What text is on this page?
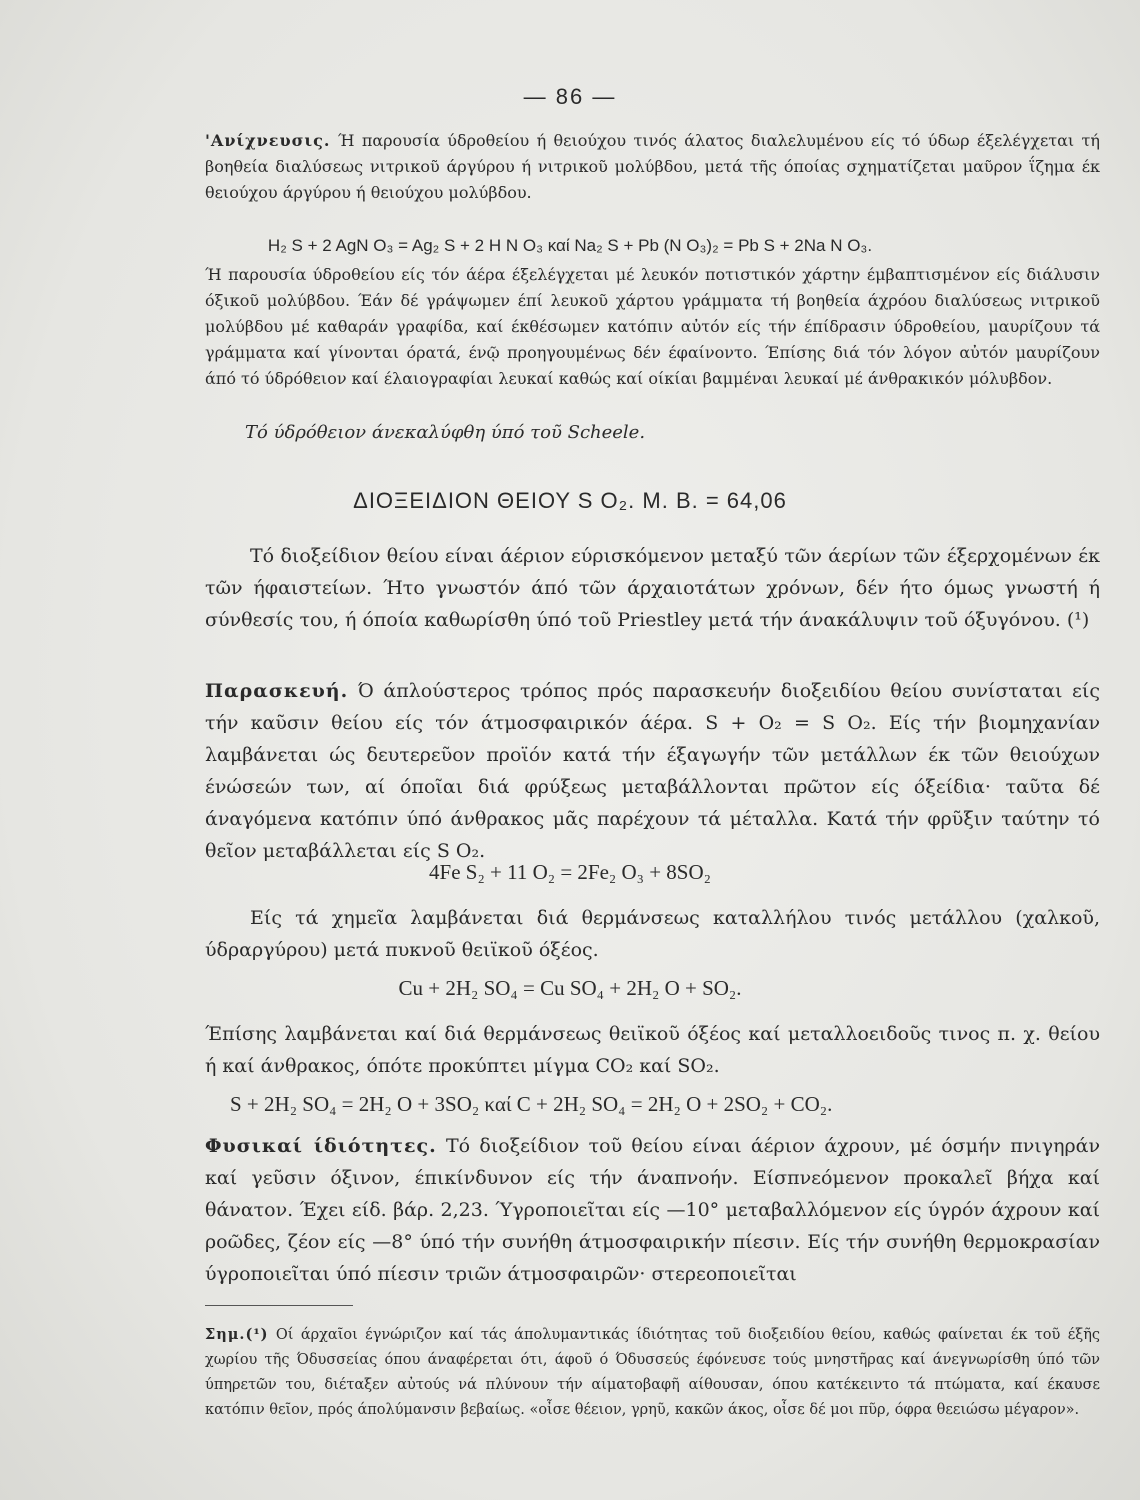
— 86 —
'Ανίχνευσις. Ή παρουσία ύδροθείου ή θειούχου τινός άλατος διαλελυμένου είς τό ύδωρ έξελέγχεται τή βοηθεία διαλύσεως νιτρικοῦ άργύρου ή νιτρικοῦ μολύβδου, μετά τῆς όποίας σχηματίζεται μαῦρον ΐζημα έκ θειούχου άργύρου ή θειούχου μολύβδου.
H₂ S + 2 AgN O₃ = Ag₂ S + 2 H N O₃ καί Na₂ S + Pb (N O₃)₂ = Pb S + 2Na N O₃.
Ή παρουσία ύδροθείου είς τόν άέρα έξελέγχεται μέ λευκόν ποτιστικόν χάρτην έμβαπτισμένον είς διάλυσιν όξικοῦ μολύβδου. Έάν δέ γράψωμεν έπί λευκοῦ χάρτου γράμματα τή βοηθεία άχρόου διαλύσεως νιτρικοῦ μολύβδου μέ καθαράν γραφίδα, καί έκθέσωμεν κατόπιν αὐτόν είς τήν έπίδρασιν ύδροθείου, μαυρίζουν τά γράμματα καί γίνονται όρατά, ένῷ προηγουμένως δέν έφαίνοντο. Έπίσης διά τόν λόγον αὐτόν μαυρίζουν άπό τό ύδρόθειον καί έλαιογραφίαι λευκαί καθώς καί οίκίαι βαμμέναι λευκαί μέ άνθρακικόν μόλυβδον.
Τό ύδρόθειον άνεκαλύφθη ύπό τοῦ Scheele.
ΔΙΟΞΕΙΔΙΟΝ ΘΕΙΟΥ S O₂. M. B. = 64,06
Τό διοξείδιον θείου είναι άέριον εύρισκόμενον μεταξύ τῶν άερίων τῶν έξερχομένων έκ τῶν ήφαιστείων. Ήτο γνωστόν άπό τῶν άρχαιοτάτων χρόνων, δέν ήτο όμως γνωστή ή σύνθεσίς του, ή όποία καθωρίσθη ύπό τοῦ Priestley μετά τήν άνακάλυψιν τοῦ όξυγόνου. (¹)
Παρασκευή. Ό άπλούστερος τρόπος πρός παρασκευήν διοξειδίου θείου συνίσταται είς τήν καῦσιν θείου είς τόν άτμοσφαιρικόν άέρα. S + O₂ = S O₂. Είς τήν βιομηχανίαν λαμβάνεται ώς δευτερεῦον προϊόν κατά τήν έξαγωγήν τῶν μετάλλων έκ τῶν θειούχων ένώσεών των, αί όποῖαι διά φρύξεως μεταβάλλονται πρῶτον είς όξείδια· ταῦτα δέ άναγόμενα κατόπιν ύπό άνθρακος μᾶς παρέχουν τά μέταλλα. Κατά τήν φρῦξιν ταύτην τό θεῖον μεταβάλλεται είς S O₂.
4Fe S₂ + 11 O₂ = 2Fe₂ O₃ + 8SO₂
Είς τά χημεῖα λαμβάνεται διά θερμάνσεως καταλλήλου τινός μετάλλου (χαλκοῦ, ύδραργύρου) μετά πυκνοῦ θειϊκοῦ όξέος.
Cu + 2H₂ SO₄ = Cu SO₄ + 2H₂ O + SO₂.
Έπίσης λαμβάνεται καί διά θερμάνσεως θειϊκοῦ όξέος καί μεταλλοειδοῦς τινος π. χ. θείου ή καί άνθρακος, όπότε προκύπτει μίγμα CO₂ καί SO₂.
S + 2H₂ SO₄ = 2H₂ O + 3SO₂ καί C + 2H₂ SO₄ = 2H₂ O + 2SO₂ + CO₂.
Φυσικαί ίδιότητες. Τό διοξείδιον τοῦ θείου είναι άέριον άχρουν, μέ όσμήν πνιγηράν καί γεῦσιν όξινον, έπικίνδυνον είς τήν άναπνοήν. Είσπνεόμενον προκαλεῖ βήχα καί θάνατον. Έχει είδ. βάρ. 2,23. Ύγροποιεῖται είς —10° μεταβαλλόμενον είς ύγρόν άχρουν καί ροῶδες, ζέον είς —8° ύπό τήν συνήθη άτμοσφαιρικήν πίεσιν. Είς τήν συνήθη θερμοκρασίαν ύγροποιεῖται ύπό πίεσιν τριῶν άτμοσφαιρῶν· στερεοποιεῖται
Σημ.(¹) Οί άρχαῖοι έγνώριζον καί τάς άπολυμαντικάς ίδιότητας τοῦ διοξειδίου θείου, καθώς φαίνεται έκ τοῦ έξῆς χωρίου τῆς Όδυσσείας όπου άναφέρεται ότι, άφοῦ ό Όδυσσεύς έφόνευσε τούς μνηστῆρας καί άνεγνωρίσθη ύπό τῶν ύπηρετῶν του, διέταξεν αὐτούς νά πλύνουν τήν αίματοβαφῆ αίθουσαν, όπου κατέκειντο τά πτώματα, καί έκαυσε κατόπιν θεῖον, πρός άπολύμανσιν βεβαίως. «οἶσε θέειον, γρηῦ, κακῶν άκος, οἶσε δέ μοι πῦρ, όφρα θεειώσω μέγαρον».
